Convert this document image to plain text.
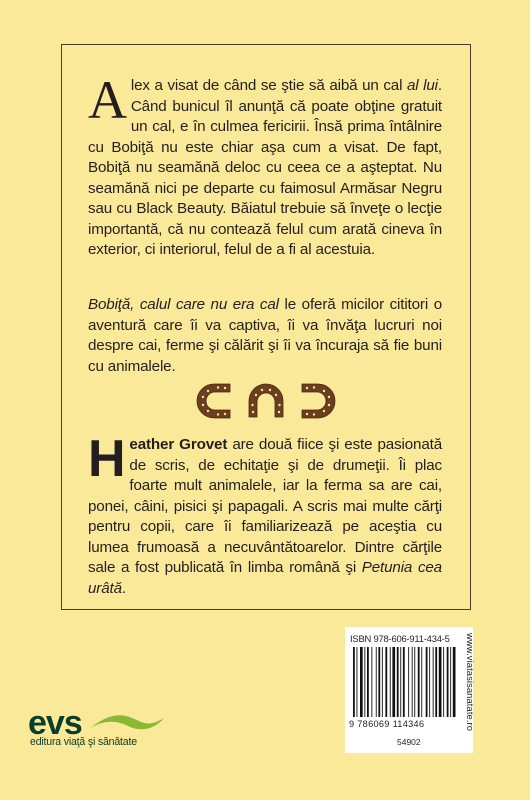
Alex a visat de când se ştie să aibă un cal al lui. Când bunicul îl anunţă că poate obţine gratuit un cal, e în culmea fericirii. Însă prima întâlnire cu Bobiţă nu este chiar aşa cum a visat. De fapt, Bobiţă nu seamănă deloc cu ceea ce a aşteptat. Nu seamănă nici pe departe cu faimosul Armăsar Negru sau cu Black Beauty. Băiatul trebuie să înveţe o lecţie importantă, că nu contează felul cum arată cineva în exterior, ci interiorul, felul de a fi al acestuia.
Bobiţă, calul care nu era cal le oferă micilor cititori o aventură care îi va captiva, îi va învăţa lucruri noi despre cai, ferme şi călărit şi îi va încuraja să fie buni cu animalele.
Heather Grovet are două fiice şi este pasionată de scris, de echitaţie şi de drumeţii. Îi plac foarte mult animalele, iar la ferma sa are cai, ponei, câini, pisici şi papagali. A scris mai multe cărţi pentru copii, care îi familiarizează pe aceştia cu lumea frumoasă a necuvântătoarelor. Dintre cărţile sale a fost publicată în limba română şi Petunia cea urâtă.
ISBN 978-606-911-434-5
9 786069 114346
54902
www.viatasisanatate.ro
evs
editura viaţă şi sănătate
